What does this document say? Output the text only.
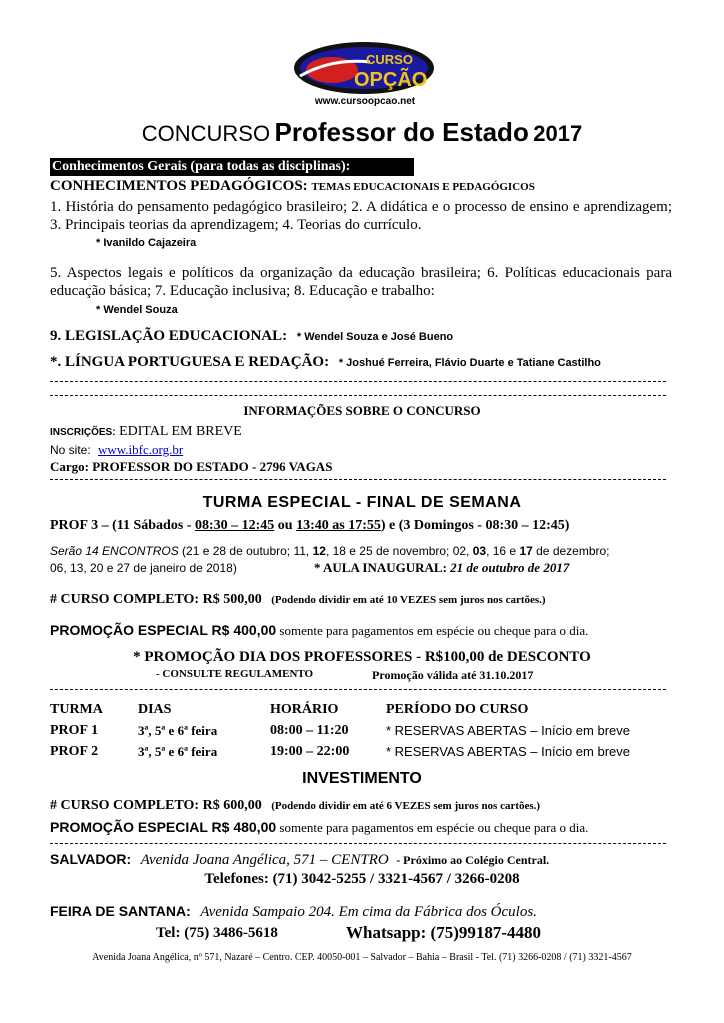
CURSO
OPÇÃO
www.cursoopcao.net
CONCURSO Professor do Estado 2017
Conhecimentos Gerais (para todas as disciplinas):
CONHECIMENTOS PEDAGÓGICOS: TEMAS EDUCACIONAIS E PEDAGÓGICOS
1. História do pensamento pedagógico brasileiro; 2. A didática e o processo de ensino e aprendizagem; 3. Principais teorias da aprendizagem; 4. Teorias do currículo.
* Ivanildo Cajazeira
5. Aspectos legais e políticos da organização da educação brasileira; 6. Políticas educacionais para educação básica; 7. Educação inclusiva; 8. Educação e trabalho:
* Wendel Souza
9. LEGISLAÇÃO EDUCACIONAL: * Wendel Souza e José Bueno
*. LÍNGUA PORTUGUESA E REDAÇÃO: * Joshué Ferreira, Flávio Duarte e Tatiane Castilho
INFORMAÇÕES SOBRE O CONCURSO
INSCRIÇÕES: EDITAL EM BREVE
No site: www.ibfc.org.br
Cargo: PROFESSOR DO ESTADO - 2796 VAGAS
TURMA ESPECIAL - FINAL DE SEMANA
PROF 3 – (11 Sábados - 08:30 – 12:45 ou 13:40 as 17:55) e (3 Domingos - 08:30 – 12:45)
Serão 14 ENCONTROS (21 e 28 de outubro; 11, 12, 18 e 25 de novembro; 02, 03, 16 e 17 de dezembro;
06, 13, 20 e 27 de janeiro de 2018)	* AULA INAUGURAL: 21 de outubro de 2017
# CURSO COMPLETO: R$ 500,00 (Podendo dividir em até 10 VEZES sem juros nos cartões.)
PROMOÇÃO ESPECIAL R$ 400,00 somente para pagamentos em espécie ou cheque para o dia.
* PROMOÇÃO DIA DOS PROFESSORES - R$100,00 de DESCONTO
- CONSULTE REGULAMENTO	Promoção válida até 31.10.2017
TURMA	DIAS	HORÁRIO	PERÍODO DO CURSO
PROF 1	3ª, 5ª e 6ª feira	08:00 – 11:20	* RESERVAS ABERTAS – Início em breve
PROF 2	3ª, 5ª e 6ª feira	19:00 – 22:00	* RESERVAS ABERTAS – Início em breve
INVESTIMENTO
# CURSO COMPLETO: R$ 600,00 (Podendo dividir em até 6 VEZES sem juros nos cartões.)
PROMOÇÃO ESPECIAL R$ 480,00 somente para pagamentos em espécie ou cheque para o dia.
SALVADOR: Avenida Joana Angélica, 571 – CENTRO - Próximo ao Colégio Central.
Telefones: (71) 3042-5255 / 3321-4567 / 3266-0208
FEIRA DE SANTANA: Avenida Sampaio 204. Em cima da Fábrica dos Óculos.
Tel: (75) 3486-5618	Whatsapp: (75)99187-4480
Avenida Joana Angélica, nº 571, Nazaré – Centro. CEP. 40050-001 – Salvador – Bahia – Brasil - Tel. (71) 3266-0208 / (71) 3321-4567
